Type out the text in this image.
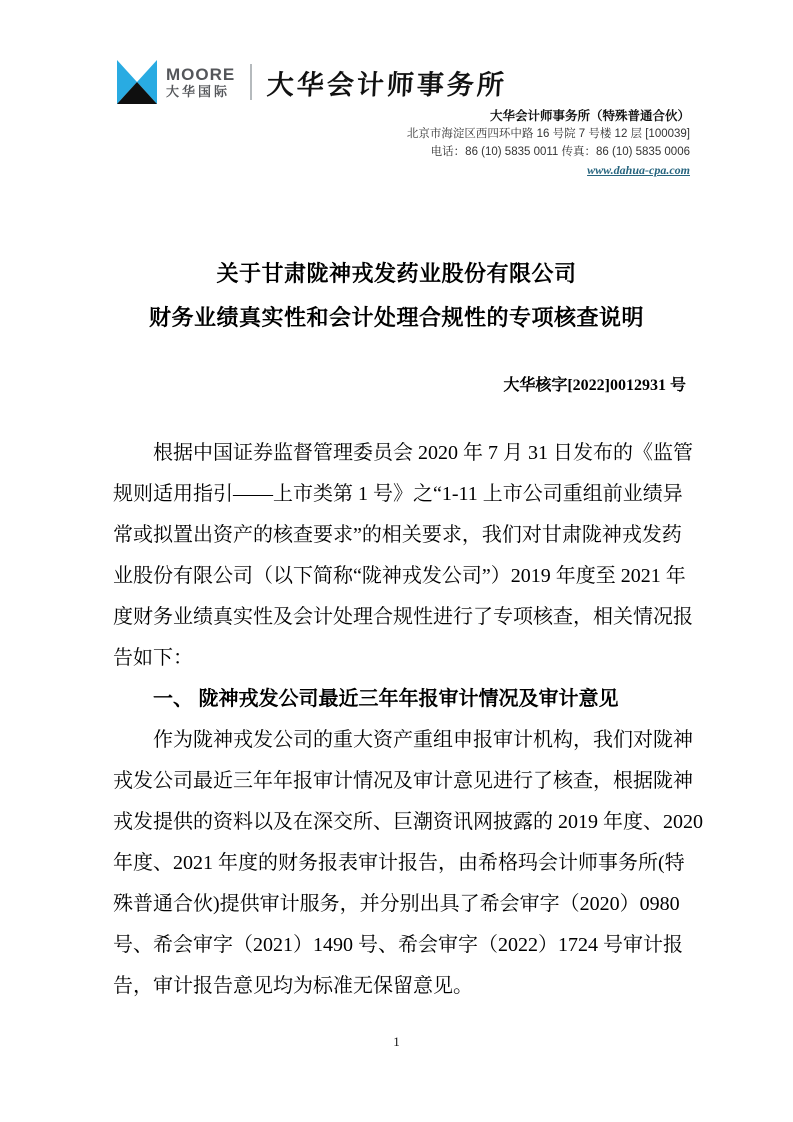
MOORE
大华国际 大华会计师事务所
大华会计师事务所（特殊普通合伙）
北京市海淀区西四环中路 16 号院 7 号楼 12 层 [100039]
电话：86 (10) 5835 0011 传真：86 (10) 5835 0006
www.dahua-cpa.com
关于甘肃陇神戎发药业股份有限公司
财务业绩真实性和会计处理合规性的专项核查说明
大华核字[2022]0012931 号
根据中国证券监督管理委员会 2020 年 7 月 31 日发布的《监管
规则适用指引——上市类第 1 号》之“1-11 上市公司重组前业绩异
常或拟置出资产的核查要求”的相关要求，我们对甘肃陇神戎发药
业股份有限公司（以下简称“陇神戎发公司”）2019 年度至 2021 年
度财务业绩真实性及会计处理合规性进行了专项核查，相关情况报
告如下：
一、 陇神戎发公司最近三年年报审计情况及审计意见
作为陇神戎发公司的重大资产重组申报审计机构，我们对陇神
戎发公司最近三年年报审计情况及审计意见进行了核查，根据陇神
戎发提供的资料以及在深交所、巨潮资讯网披露的 2019 年度、2020
年度、2021 年度的财务报表审计报告，由希格玛会计师事务所(特
殊普通合伙)提供审计服务，并分别出具了希会审字（2020）0980
号、希会审字（2021）1490 号、希会审字（2022）1724 号审计报
告，审计报告意见均为标准无保留意见。
1
